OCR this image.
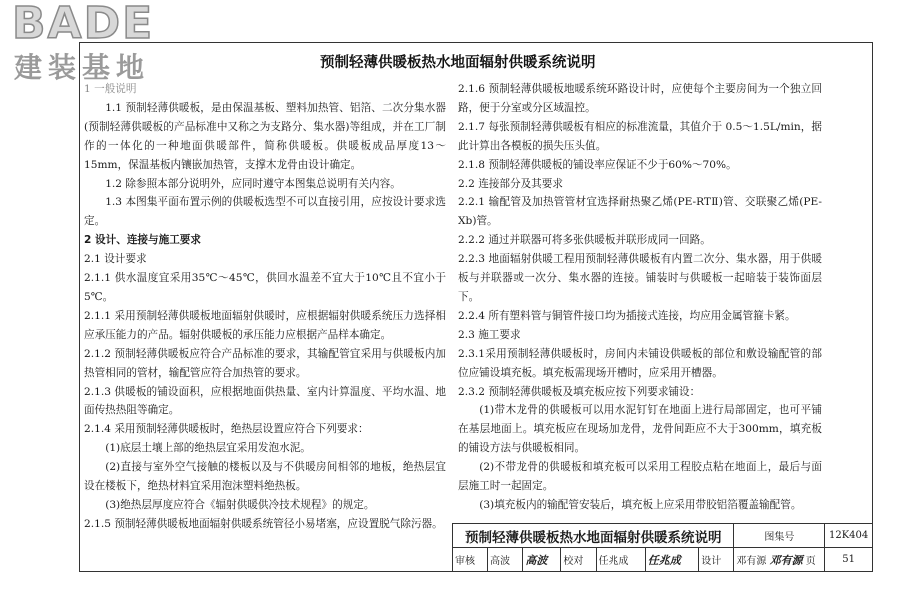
BADE
建装基地	预制轻薄供暖板热水地面辐射供暖系统说明

1 一般说明

1.1 预制轻薄供暖板，是由保温基板、塑料加热管、铝箔、二次分集水器(预制轻薄供暖板的产品标准中又称之为支路分、集水器)等组成，并在工厂制作的一体化的一种地面供暖部件，简称供暖板。供暖板成品厚度13～15mm，保温基板内镶嵌加热管，支撑木龙骨由设计确定。

1.2 除参照本部分说明外，应同时遵守本图集总说明有关内容。

1.3 本图集平面布置示例的供暖板选型不可以直接引用，应按设计要求选定。

2 设计、连接与施工要求

2.1 设计要求

2.1.1 供水温度宜采用35℃～45℃，供回水温差不宜大于10℃且不宜小于5℃。

2.1.1 采用预制轻薄供暖板地面辐射供暖时，应根据辐射供暖系统压力选择相应承压能力的产品。辐射供暖板的承压能力应根据产品样本确定。

2.1.2 预制轻薄供暖板应符合产品标准的要求，其输配管宜采用与供暖板内加热管相同的管材，输配管应符合加热管的要求。

2.1.3 供暖板的铺设面积，应根据地面供热量、室内计算温度、平均水温、地面传热热阻等确定。

2.1.4 采用预制轻薄供暖板时，绝热层设置应符合下列要求：

(1)底层土壤上部的绝热层宜采用发泡水泥。

(2)直接与室外空气接触的楼板以及与不供暖房间相邻的地板，绝热层宜设在楼板下，绝热材料宜采用泡沫塑料绝热板。

(3)绝热层厚度应符合《辐射供暖供冷技术规程》的规定。

2.1.5 预制轻薄供暖板地面辐射供暖系统管径小易堵塞，应设置脱气除污器。

2.1.6 预制轻薄供暖板地暖系统环路设计时，应使每个主要房间为一个独立回路，便于分室或分区域温控。

2.1.7 每张预制轻薄供暖板有相应的标准流量，其值介于 0.5～1.5L/min，据此计算出各模板的损失压头值。

2.1.8 预制轻薄供暖板的铺设率应保证不少于60%～70%。

2.2 连接部分及其要求

2.2.1 输配管及加热管管材宜选择耐热聚乙烯(PE-RTⅡ)管、交联聚乙烯(PE-Xb)管。

2.2.2 通过并联器可将多张供暖板并联形成同一回路。

2.2.3 地面辐射供暖工程用预制轻薄供暖板有内置二次分、集水器，用于供暖板与并联器或一次分、集水器的连接。铺装时与供暖板一起暗装于装饰面层下。

2.2.4 所有塑料管与铜管件接口均为插接式连接，均应用金属管箍卡紧。

2.3 施工要求

2.3.1采用预制轻薄供暖板时，房间内未铺设供暖板的部位和敷设输配管的部位应铺设填充板。填充板需现场开槽时，应采用开槽器。

2.3.2 预制轻薄供暖板及填充板应按下列要求铺设：

(1)带木龙骨的供暖板可以用水泥钉钉在地面上进行局部固定，也可平铺在基层地面上。填充板应在现场加龙骨，龙骨间距应不大于300mm，填充板的铺设方法与供暖板相同。

(2)不带龙骨的供暖板和填充板可以采用工程胶点粘在地面上，最后与面层施工时一起固定。

(3)填充板内的输配管安装后，填充板上应采用带胶铝箔覆盖输配管。

预制轻薄供暖板热水地面辐射供暖系统说明							图集号	12K404
审核	高波	高波	校对	任兆成	任兆成	设计	邓有源 邓有源 页	51
